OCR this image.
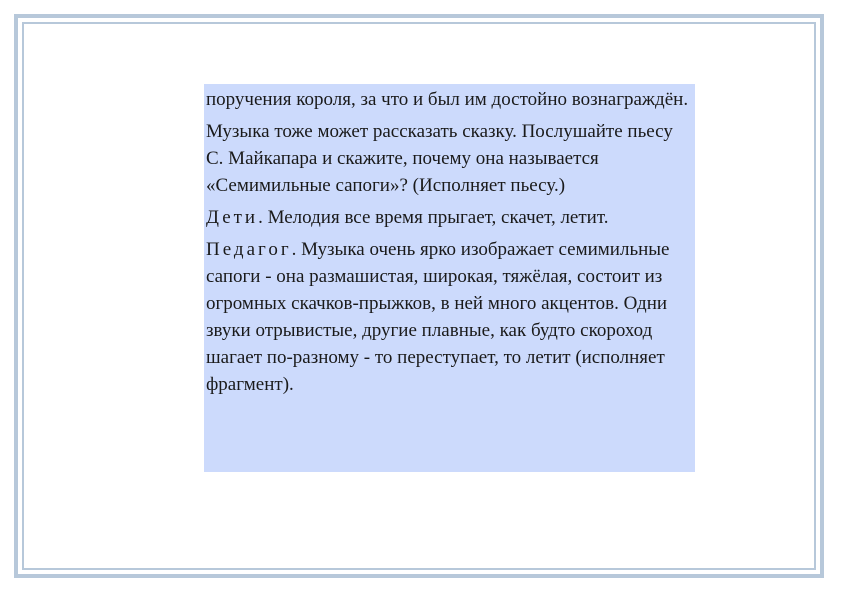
поручения короля, за что и был им достойно вознаграждён.

Музыка тоже может рассказать сказку. Послушайте пьесу С. Майкапара и скажите, почему она называется «Семимильные сапоги»? (Исполняет пьесу.)

Дети. Мелодия все время прыгает, скачет, летит.

Педагог. Музыка очень ярко изображает семимильные сапоги - она размашистая, широкая, тяжёлая, состоит из огромных скачков-прыжков, в ней много акцентов. Одни звуки отрывистые, другие плавные, как будто скороход шагает по-разному - то переступает, то летит (исполняет фрагмент).
